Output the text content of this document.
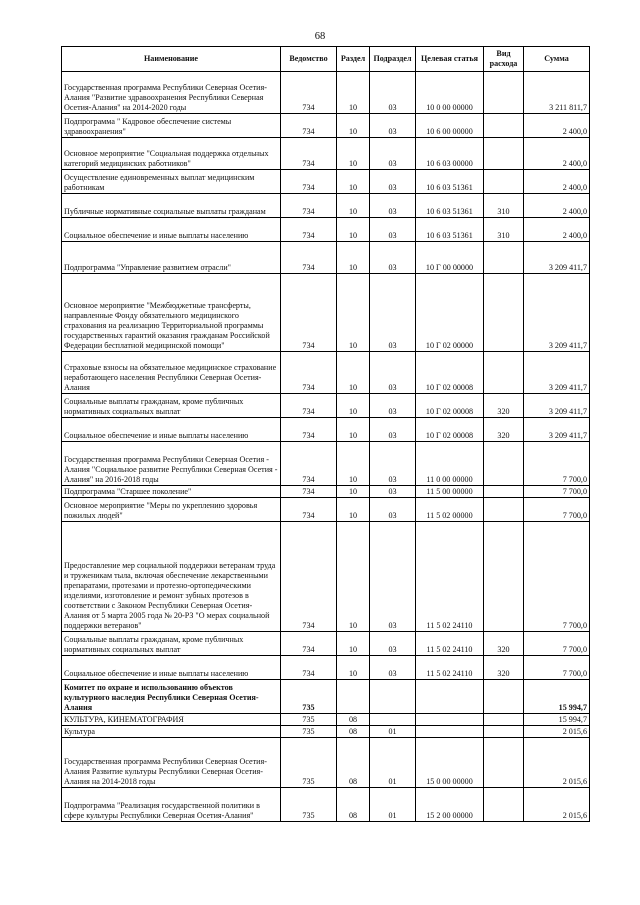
68
Наименование	Ведомство	Раздел	Подраздел	Целевая статья	Вид расхода	Сумма
Государственная программа Республики Северная Осетия-Алания "Развитие здравоохранения Республики Северная Осетия-Алания" на 2014-2020 годы	734	10	03	10 0 00 00000		3 211 811,7
Подпрограмма " Кадровое обеспечение системы здравоохранения"	734	10	03	10 6 00 00000		2 400,0
Основное мероприятие "Социальная поддержка отдельных категорий медицинских работников"	734	10	03	10 6 03 00000		2 400,0
Осуществление единовременных выплат медицинским работникам	734	10	03	10 6 03 51361		2 400,0
Публичные нормативные социальные выплаты гражданам	734	10	03	10 6 03 51361	310	2 400,0
Социальное обеспечение и иные выплаты населению	734	10	03	10 6 03 51361	310	2 400,0
Подпрограмма "Управление развитием отрасли"	734	10	03	10 Г 00 00000		3 209 411,7
Основное мероприятие "Межбюджетные трансферты, направленные Фонду обязательного медицинского страхования на реализацию Территориальной программы государственных гарантий оказания гражданам Российской Федерации бесплатной медицинской помощи"	734	10	03	10 Г 02 00000		3 209 411,7
Страховые взносы на обязательное медицинское страхование неработающего населения Республики Северная Осетия-Алания	734	10	03	10 Г 02 00008		3 209 411,7
Социальные выплаты гражданам, кроме публичных нормативных социальных выплат	734	10	03	10 Г 02 00008	320	3 209 411,7
Социальное обеспечение и иные выплаты населению	734	10	03	10 Г 02 00008	320	3 209 411,7
Государственная программа Республики Северная Осетия - Алания "Социальное развитие Республики Северная Осетия - Алания" на 2016-2018 годы	734	10	03	11 0 00 00000		7 700,0
Подпрограмма "Старшее поколение"	734	10	03	11 5 00 00000		7 700,0
Основное мероприятие "Меры по укреплению здоровья пожилых людей"	734	10	03	11 5 02 00000		7 700,0
Предоставление мер социальной поддержки ветеранам труда и труженикам тыла, включая обеспечение лекарственными препаратами, протезами и протезно-ортопедическими изделиями, изготовление и ремонт зубных протезов в соответствии с Законом Республики Северная Осетия-Алания от 5 марта 2005 года № 20-РЗ "О мерах социальной поддержки ветеранов"	734	10	03	11 5 02 24110		7 700,0
Социальные выплаты гражданам, кроме публичных нормативных социальных выплат	734	10	03	11 5 02 24110	320	7 700,0
Социальное обеспечение и иные выплаты населению	734	10	03	11 5 02 24110	320	7 700,0
Комитет по охране и использованию объектов культурного наследия Республики Северная Осетия-Алания	735					15 994,7
КУЛЬТУРА, КИНЕМАТОГРАФИЯ	735	08				15 994,7
Культура	735	08	01			2 015,6
Государственная программа Республики Северная Осетия-Алания Развитие культуры Республики Северная Осетия-Алания на 2014-2018 годы	735	08	01	15 0 00 00000		2 015,6
Подпрограмма "Реализация государственной политики в сфере культуры Республики Северная Осетия-Алания"	735	08	01	15 2 00 00000		2 015,6
